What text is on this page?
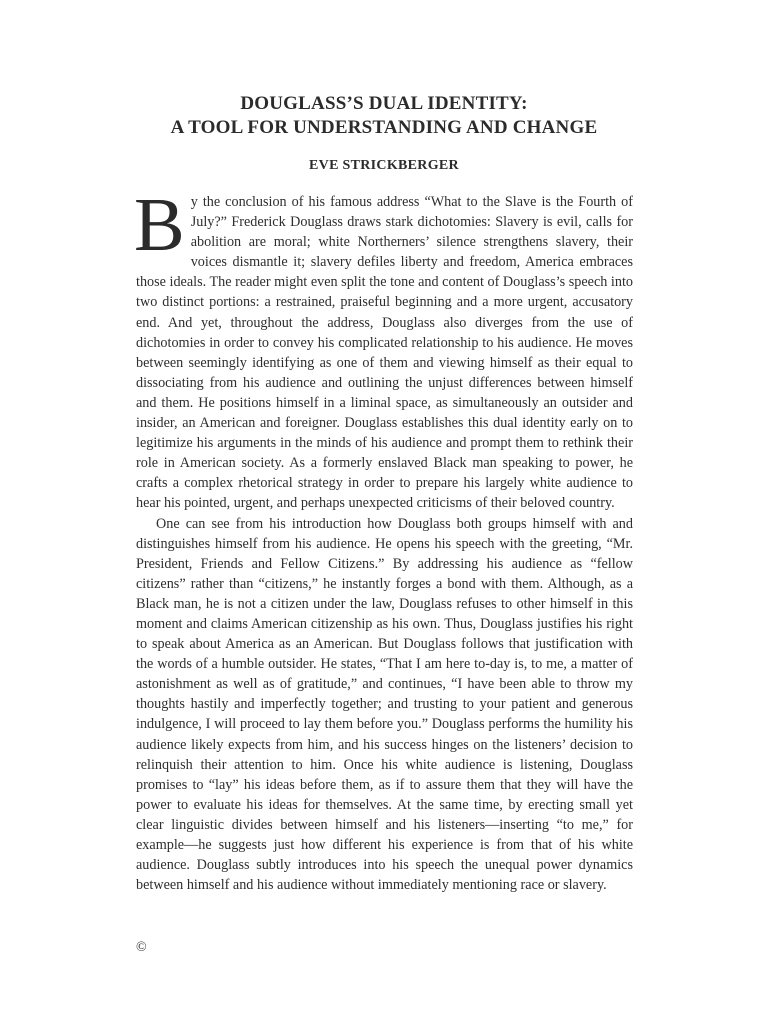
DOUGLASS’S DUAL IDENTITY:
A TOOL FOR UNDERSTANDING AND CHANGE
EVE STRICKBERGER

By the conclusion of his famous address “What to the Slave is the Fourth of July?” Frederick Douglass draws stark dichotomies: Slavery is evil, calls for abolition are moral; white Northerners’ silence strengthens slavery, their voices dismantle it; slavery defiles liberty and freedom, America embraces those ideals. The reader might even split the tone and content of Douglass’s speech into two distinct portions: a restrained, praiseful beginning and a more urgent, accusatory end. And yet, throughout the address, Douglass also diverges from the use of dichotomies in order to convey his complicated relationship to his audience. He moves between seemingly identifying as one of them and viewing himself as their equal to dissociating from his audience and outlining the unjust differences between himself and them. He positions himself in a liminal space, as simultaneously an outsider and insider, an American and foreigner. Douglass establishes this dual identity early on to legitimize his arguments in the minds of his audience and prompt them to rethink their role in American society. As a formerly enslaved Black man speaking to power, he crafts a complex rhetorical strategy in order to prepare his largely white audience to hear his pointed, urgent, and perhaps unexpected criticisms of their beloved country.

One can see from his introduction how Douglass both groups himself with and distinguishes himself from his audience. He opens his speech with the greeting, “Mr. President, Friends and Fellow Citizens.” By addressing his audience as “fellow citizens” rather than “citizens,” he instantly forges a bond with them. Although, as a Black man, he is not a citizen under the law, Douglass refuses to other himself in this moment and claims American citizenship as his own. Thus, Douglass justifies his right to speak about America as an American. But Douglass follows that justification with the words of a humble outsider. He states, “That I am here to-day is, to me, a matter of astonishment as well as of gratitude,” and continues, “I have been able to throw my thoughts hastily and imperfectly together; and trusting to your patient and generous indulgence, I will proceed to lay them before you.” Douglass performs the humility his audience likely expects from him, and his success hinges on the listeners’ decision to relinquish their attention to him. Once his white audience is listening, Douglass promises to “lay” his ideas before them, as if to assure them that they will have the power to evaluate his ideas for themselves. At the same time, by erecting small yet clear linguistic divides between himself and his listeners—inserting “to me,” for example—he suggests just how different his experience is from that of his white audience. Douglass subtly introduces into his speech the unequal power dynamics between himself and his audience without immediately mentioning race or slavery.

©
